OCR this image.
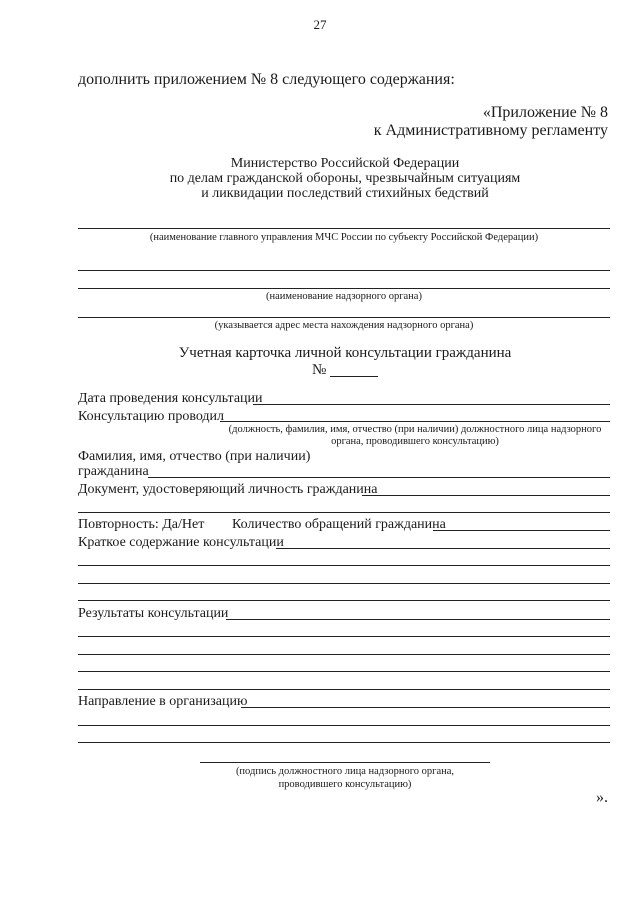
27
дополнить приложением № 8 следующего содержания:
«Приложение № 8
к Административному регламенту
Министерство Российской Федерации
по делам гражданской обороны, чрезвычайным ситуациям
и ликвидации последствий стихийных бедствий
(наименование главного управления МЧС России по субъекту Российской Федерации)
(наименование надзорного органа)
(указывается адрес места нахождения надзорного органа)
Учетная карточка личной консультации гражданина
№
Дата проведения консультации
Консультацию проводил
(должность, фамилия, имя, отчество (при наличии) должностного лица надзорного
органа, проводившего консультацию)
Фамилия, имя, отчество (при наличии)
гражданина
Документ, удостоверяющий личность гражданина
Повторность: Да/Нет Количество обращений гражданина
Краткое содержание консультации
Результаты консультации
Направление в организацию
(подпись должностного лица надзорного органа,
проводившего консультацию)
».
